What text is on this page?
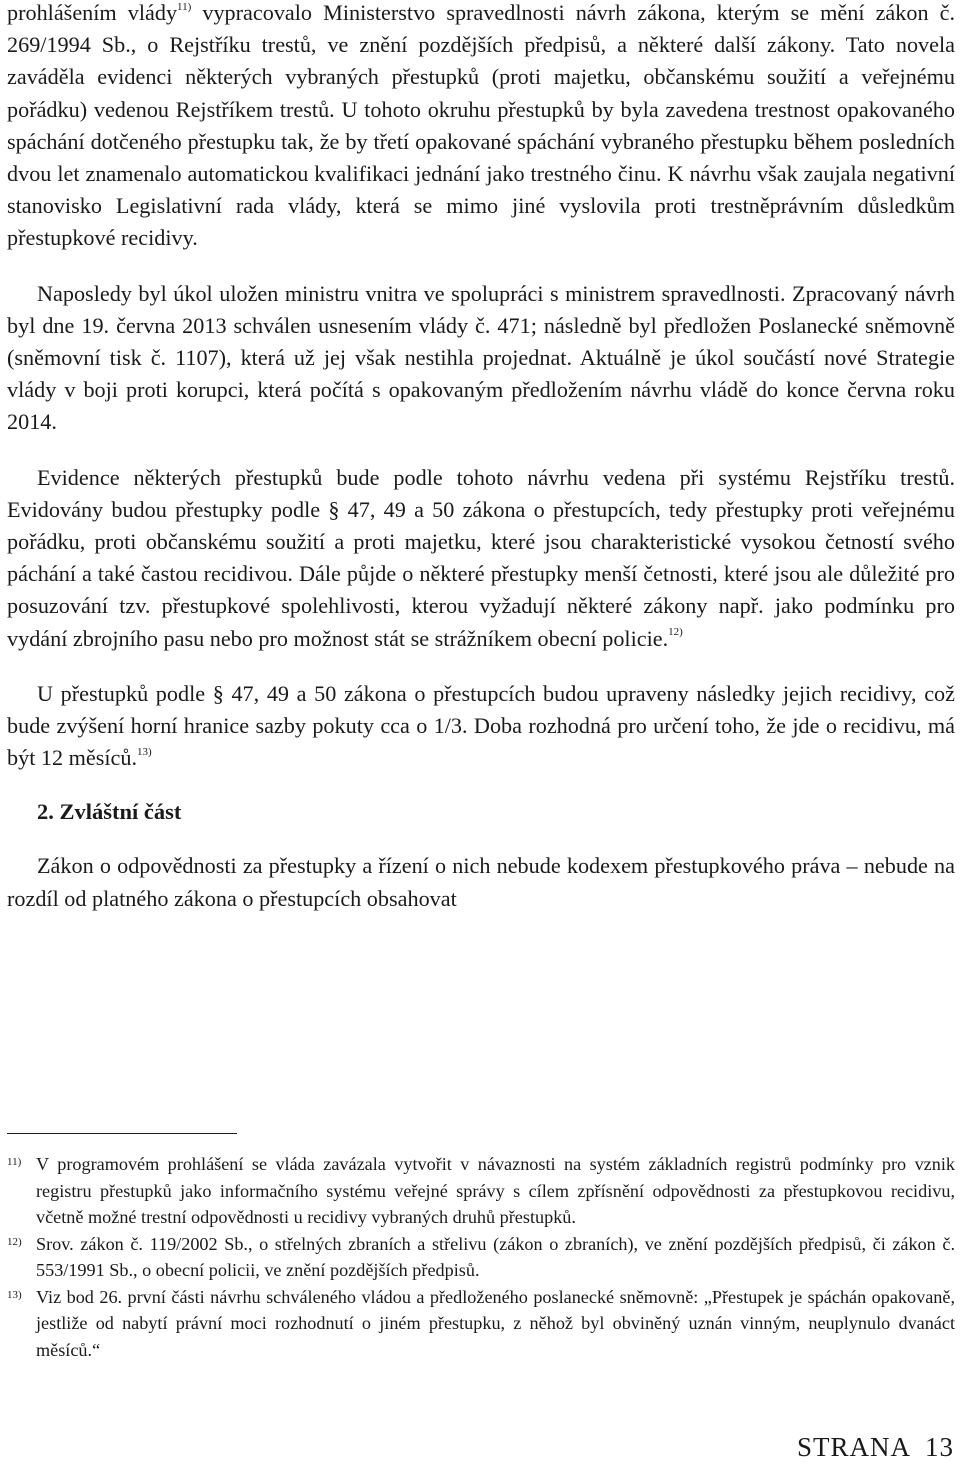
prohlášením vlády$^{11)}$ vypracovalo Ministerstvo spravedlnosti návrh zákona, kterým se mění zákon č. 269/1994 Sb., o Rejstříku trestů, ve znění pozdějších předpisů, a některé další zákony. Tato novela zaváděla evidenci některých vybraných přestupků (proti majetku, občanskému soužití a veřejnému pořádku) vedenou Rejstříkem trestů. U tohoto okruhu přestupků by byla zavedena trestnost opakovaného spáchání dotčeného přestupku tak, že by třetí opakované spáchání vybraného přestupku během posledních dvou let znamenalo automatickou kvalifikaci jednání jako trestného činu. K návrhu však zaujala negativní stanovisko Legislativní rada vlády, která se mimo jiné vyslovila proti trestněprávním důsledkům přestupkové recidivy.

Naposledy byl úkol uložen ministru vnitra ve spolupráci s ministrem spravedlnosti. Zpracovaný návrh byl dne 19. června 2013 schválen usnesením vlády č. 471; následně byl předložen Poslanecké sněmovně (sněmovní tisk č. 1107), která už jej však nestihla projednat. Aktuálně je úkol součástí nové Strategie vlády v boji proti korupci, která počítá s opakovaným předložením návrhu vládě do konce června roku 2014.

Evidence některých přestupků bude podle tohoto návrhu vedena při systému Rejstříku trestů. Evidovány budou přestupky podle § 47, 49 a 50 zákona o přestupcích, tedy přestupky proti veřejnému pořádku, proti občanskému soužití a proti majetku, které jsou charakteristické vysokou četností svého páchání a také častou recidivou. Dále půjde o některé přestupky menší četnosti, které jsou ale důležité pro posuzování tzv. přestupkové spolehlivosti, kterou vyžadují některé zákony např. jako podmínku pro vydání zbrojního pasu nebo pro možnost stát se strážníkem obecní policie.$^{12)}$

U přestupků podle § 47, 49 a 50 zákona o přestupcích budou upraveny následky jejich recidivy, což bude zvýšení horní hranice sazby pokuty cca o 1/3. Doba rozhodná pro určení toho, že jde o recidivu, má být 12 měsíců.$^{13)}$

2. Zvláštní část

Zákon o odpovědnosti za přestupky a řízení o nich nebude kodexem přestupkového práva – nebude na rozdíl od platného zákona o přestupcích obsahovat

11) V programovém prohlášení se vláda zavázala vytvořit v návaznosti na systém základních registrů podmínky pro vznik registru přestupků jako informačního systému veřejné správy s cílem zpřísnění odpovědnosti za přestupkovou recidivu, včetně možné trestní odpovědnosti u recidivy vybraných druhů přestupků.
12) Srov. zákon č. 119/2002 Sb., o střelných zbraních a střelivu (zákon o zbraních), ve znění pozdějších předpisů, či zákon č. 553/1991 Sb., o obecní policii, ve znění pozdějších předpisů.
13) Viz bod 26. první části návrhu schváleného vládou a předloženého poslanecké sněmovně: „Přestupek je spáchán opakovaně, jestliže od nabytí právní moci rozhodnutí o jiném přestupku, z něhož byl obviněný uznán vinným, neuplynulo dvanáct měsíců.“
STRANA 13
